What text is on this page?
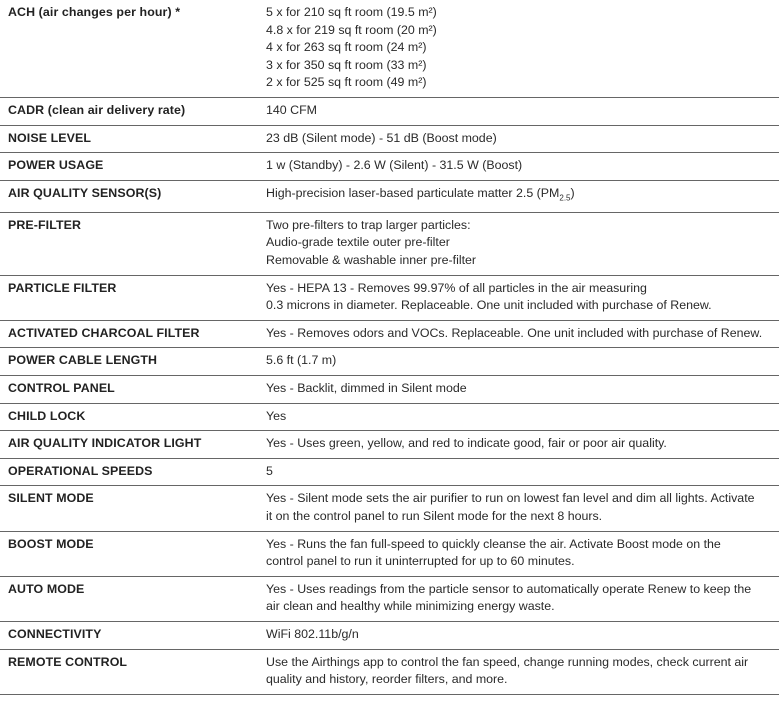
ACH (air changes per hour) *	5 x for 210 sq ft room (19.5 m²)
4.8 x for 219 sq ft room (20 m²)
4 x for 263 sq ft room (24 m²)
3 x for 350 sq ft room (33 m²)
2 x for 525 sq ft room (49 m²)

CADR (clean air delivery rate)	140 CFM

NOISE LEVEL	23 dB (Silent mode) - 51 dB (Boost mode)

POWER USAGE	1 w (Standby) - 2.6 W (Silent) - 31.5 W (Boost)

AIR QUALITY SENSOR(S)	High-precision laser-based particulate matter 2.5 $(PM_{2.5})$

PRE-FILTER	Two pre-filters to trap larger particles:
Audio-grade textile outer pre-filter
Removable & washable inner pre-filter

PARTICLE FILTER	Yes - HEPA 13 - Removes 99.97% of all particles in the air measuring
0.3 microns in diameter. Replaceable. One unit included with purchase of Renew.

ACTIVATED CHARCOAL FILTER	Yes - Removes odors and VOCs. Replaceable. One unit included with purchase of Renew.

POWER CABLE LENGTH	5.6 ft (1.7 m)

CONTROL PANEL	Yes - Backlit, dimmed in Silent mode

CHILD LOCK	Yes

AIR QUALITY INDICATOR LIGHT	Yes - Uses green, yellow, and red to indicate good, fair or poor air quality.

OPERATIONAL SPEEDS	5

SILENT MODE	Yes - Silent mode sets the air purifier to run on lowest fan level and dim all lights. Activate
it on the control panel to run Silent mode for the next 8 hours.

BOOST MODE	Yes - Runs the fan full-speed to quickly cleanse the air. Activate Boost mode on the
control panel to run it uninterrupted for up to 60 minutes.

AUTO MODE	Yes - Uses readings from the particle sensor to automatically operate Renew to keep the
air clean and healthy while minimizing energy waste.

CONNECTIVITY	WiFi 802.11b/g/n

REMOTE CONTROL	Use the Airthings app to control the fan speed, change running modes, check current air
quality and history, reorder filters, and more.
